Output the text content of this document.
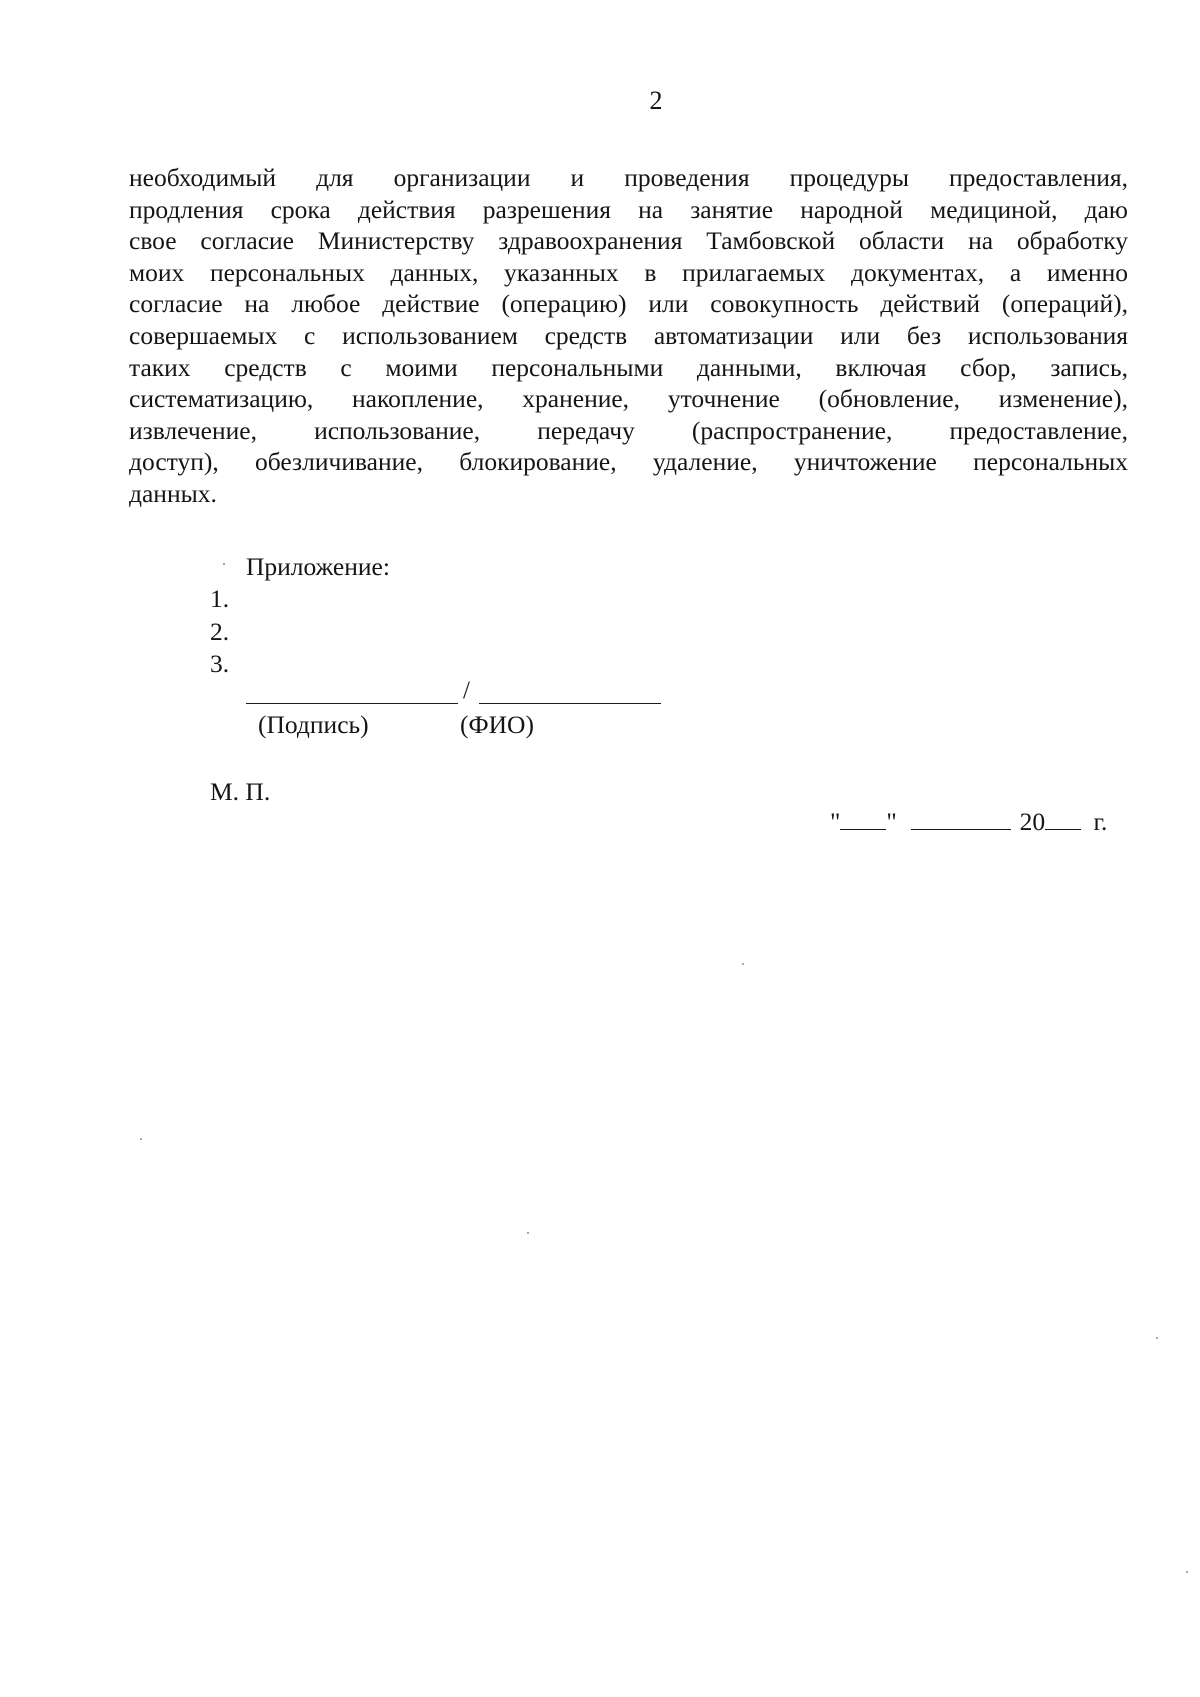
2
необходимый для организации и проведения процедуры предоставления,
продления срока действия разрешения на занятие народной медициной, даю
свое согласие Министерству здравоохранения Тамбовской области на обработку
моих персональных данных, указанных в прилагаемых документах, а именно
согласие на любое действие (операцию) или совокупность действий (операций),
совершаемых с использованием средств автоматизации или без использования
таких средств с моими персональными данными, включая сбор, запись,
систематизацию, накопление, хранение, уточнение (обновление, изменение),
извлечение, использование, передачу (распространение, предоставление,
доступ), обезличивание, блокирование, удаление, уничтожение персональных
данных.
Приложение:
1.
2.
3.
/
(Подпись)	(ФИО)
М. П.
" "	20 г.
